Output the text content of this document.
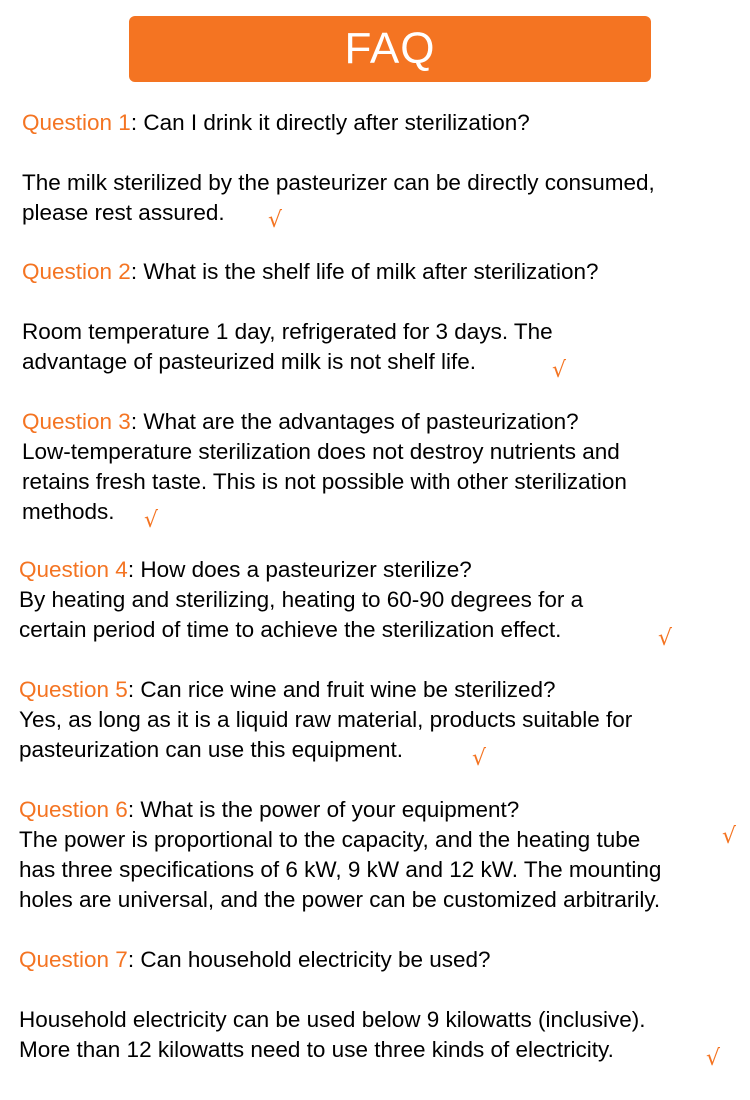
FAQ
Question 1: Can I drink it directly after sterilization?
The milk sterilized by the pasteurizer can be directly consumed,
please rest assured. √
Question 2: What is the shelf life of milk after sterilization?
Room temperature 1 day, refrigerated for 3 days. The
advantage of pasteurized milk is not shelf life.	√
Question 3: What are the advantages of pasteurization?
Low-temperature sterilization does not destroy nutrients and
retains fresh taste. This is not possible with other sterilization
methods. √
Question 4: How does a pasteurizer sterilize?
By heating and sterilizing, heating to 60-90 degrees for a
certain period of time to achieve the sterilization effect.	√
Question 5: Can rice wine and fruit wine be sterilized?
Yes, as long as it is a liquid raw material, products suitable for
pasteurization can use this equipment.	√
Question 6: What is the power of your equipment?
The power is proportional to the capacity, and the heating tube	√
has three specifications of 6 kW, 9 kW and 12 kW. The mounting
holes are universal, and the power can be customized arbitrarily.
Question 7: Can household electricity be used?
Household electricity can be used below 9 kilowatts (inclusive).
More than 12 kilowatts need to use three kinds of electricity.	√
